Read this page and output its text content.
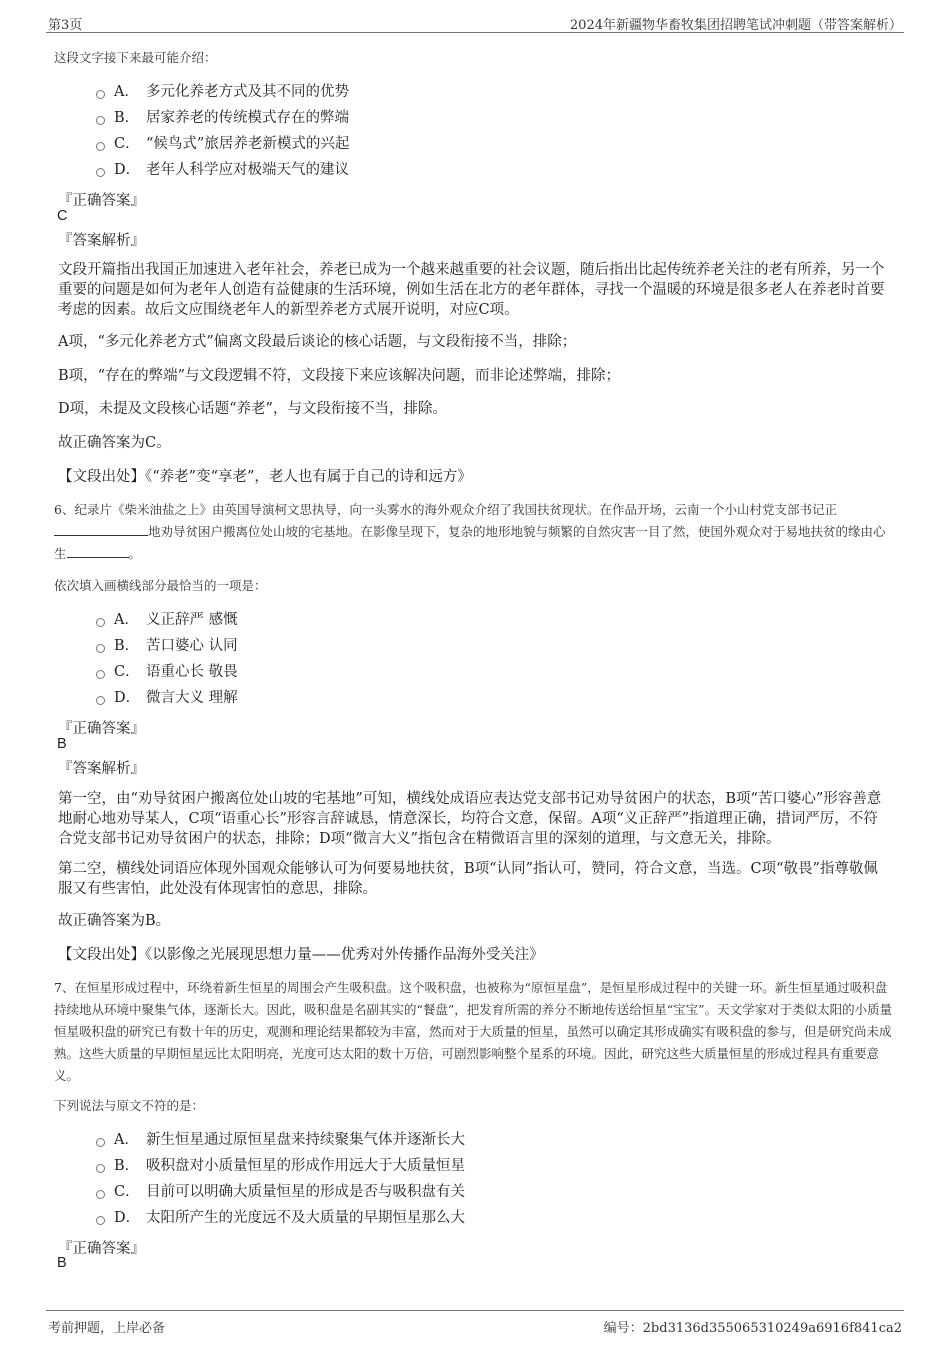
第3页	2024年新疆物华畜牧集团招聘笔试冲刺题（带答案解析）
这段文字接下来最可能介绍：
A． 多元化养老方式及其不同的优势
B． 居家养老的传统模式存在的弊端
C． “候鸟式”旅居养老新模式的兴起
D． 老年人科学应对极端天气的建议
『正确答案』
C
『答案解析』
文段开篇指出我国正加速进入老年社会，养老已成为一个越来越重要的社会议题，随后指出比起传统养老关注的老有所养，另一个重要的问题是如何为老年人创造有益健康的生活环境，例如生活在北方的老年群体，寻找一个温暖的环境是很多老人在养老时首要考虑的因素。故后文应围绕老年人的新型养老方式展开说明，对应C项。
A项，“多元化养老方式”偏离文段最后谈论的核心话题，与文段衔接不当，排除；
B项，“存在的弊端”与文段逻辑不符，文段接下来应该解决问题，而非论述弊端，排除；
D项，未提及文段核心话题“养老”，与文段衔接不当，排除。
故正确答案为C。
【文段出处】《“养老”变“享老”，老人也有属于自己的诗和远方》
6、纪录片《柴米油盐之上》由英国导演柯文思执导，向一头雾水的海外观众介绍了我国扶贫现状。在作品开场，云南一个小山村党支部书记正地劝导贫困户搬离位处山坡的宅基地。在影像呈现下，复杂的地形地貌与频繁的自然灾害一目了然，使国外观众对于易地扶贫的缘由心生	。
依次填入画横线部分最恰当的一项是：
A． 义正辞严 感慨
B． 苦口婆心 认同
C． 语重心长 敬畏
D． 微言大义 理解
『正确答案』
B
『答案解析』
第一空，由“劝导贫困户搬离位处山坡的宅基地”可知，横线处成语应表达党支部书记劝导贫困户的状态，B项“苦口婆心”形容善意地耐心地劝导某人，C项“语重心长”形容言辞诚恳，情意深长，均符合文意，保留。A项“义正辞严”指道理正确，措词严厉，不符合党支部书记劝导贫困户的状态，排除；D项“微言大义”指包含在精微语言里的深刻的道理，与文意无关，排除。
第二空，横线处词语应体现外国观众能够认可为何要易地扶贫，B项“认同”指认可，赞同，符合文意，当选。C项“敬畏”指尊敬佩服又有些害怕，此处没有体现害怕的意思，排除。
故正确答案为B。
【文段出处】《以影像之光展现思想力量——优秀对外传播作品海外受关注》
7、在恒星形成过程中，环绕着新生恒星的周围会产生吸积盘。这个吸积盘，也被称为“原恒星盘”，是恒星形成过程中的关键一环。新生恒星通过吸积盘持续地从环境中聚集气体，逐渐长大。因此，吸积盘是名副其实的“餐盘”，把发育所需的养分不断地传送给恒星“宝宝”。天文学家对于类似太阳的小质量恒星吸积盘的研究已有数十年的历史，观测和理论结果都较为丰富，然而对于大质量的恒星，虽然可以确定其形成确实有吸积盘的参与，但是研究尚未成熟。这些大质量的早期恒星远比太阳明亮，光度可达太阳的数十万倍，可剧烈影响整个星系的环境。因此，研究这些大质量恒星的形成过程具有重要意义。
下列说法与原文不符的是：
A． 新生恒星通过原恒星盘来持续聚集气体并逐渐长大
B． 吸积盘对小质量恒星的形成作用远大于大质量恒星
C． 目前可以明确大质量恒星的形成是否与吸积盘有关
D． 太阳所产生的光度远不及大质量的早期恒星那么大
『正确答案』
B
考前押题，上岸必备	编号：2bd3136d355065310249a6916f841ca2
